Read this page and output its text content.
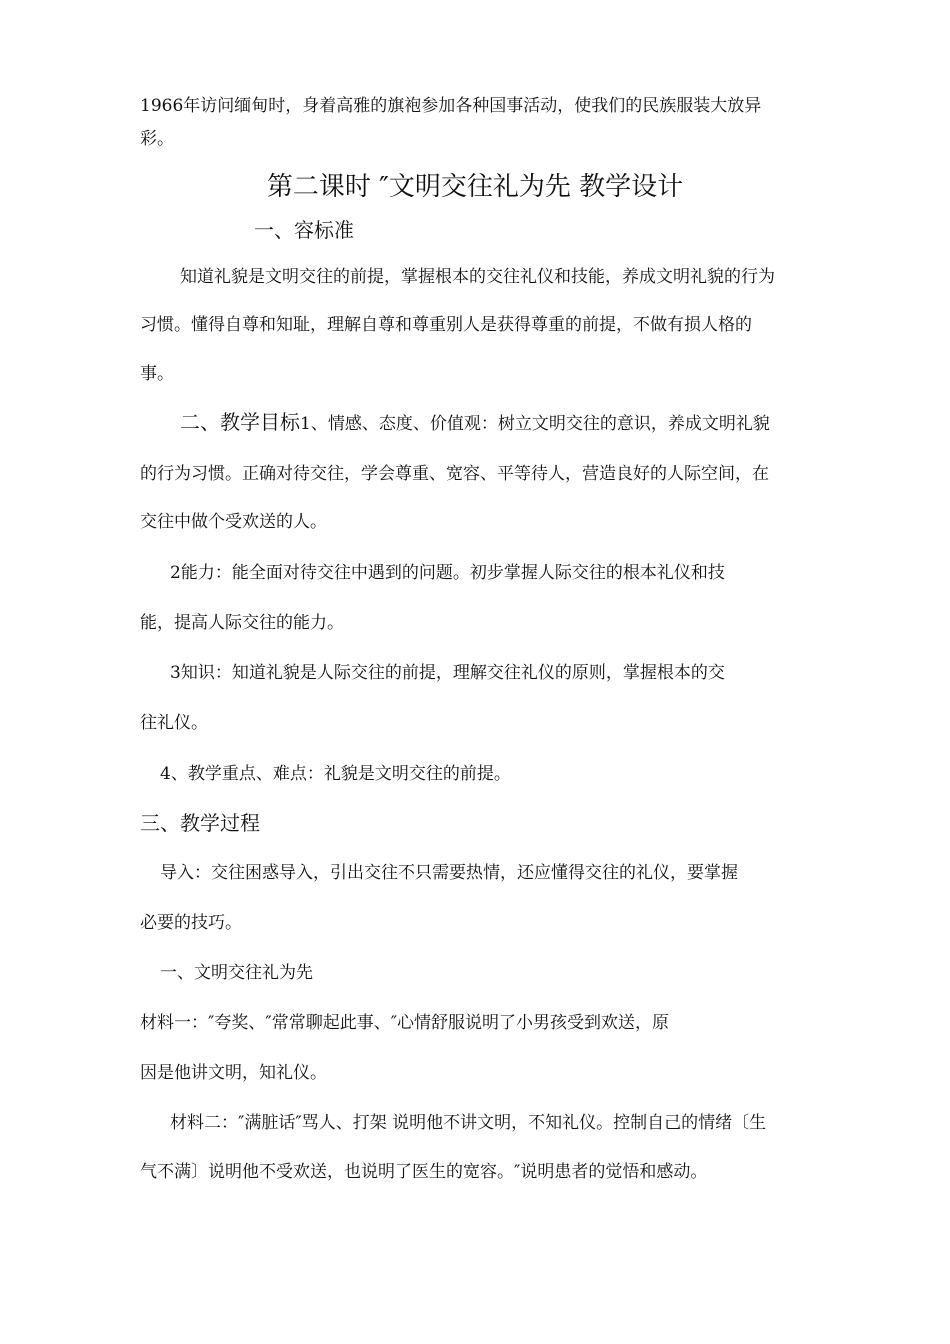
1966年访问缅甸时，身着高雅的旗袍参加各种国事活动，使我们的民族服装大放异
彩。
第二课时 ″文明交往礼为先 教学设计
一、容标准
知道礼貌是文明交往的前提，掌握根本的交往礼仪和技能，养成文明礼貌的行为
习惯。懂得自尊和知耻，理解自尊和尊重别人是获得尊重的前提，不做有损人格的
事。
二、教学目标1、情感、态度、价值观：树立文明交往的意识，养成文明礼貌
的行为习惯。正确对待交往，学会尊重、宽容、平等待人，营造良好的人际空间，在
交往中做个受欢送的人。
2能力：能全面对待交往中遇到的问题。初步掌握人际交往的根本礼仪和技
能，提高人际交往的能力。
3知识：知道礼貌是人际交往的前提，理解交往礼仪的原则，掌握根本的交
往礼仪。
4、教学重点、难点：礼貌是文明交往的前提。
三、教学过程
导入：交往困惑导入，引出交往不只需要热情，还应懂得交往的礼仪，要掌握
必要的技巧。
一、文明交往礼为先
材料一：″夸奖、″常常聊起此事、″心情舒服说明了小男孩受到欢送，原
因是他讲文明，知礼仪。
材料二：″满脏话″骂人、打架 说明他不讲文明，不知礼仪。控制自己的情绪〔生
气不满〕说明他不受欢送，也说明了医生的宽容。″说明患者的觉悟和感动。
